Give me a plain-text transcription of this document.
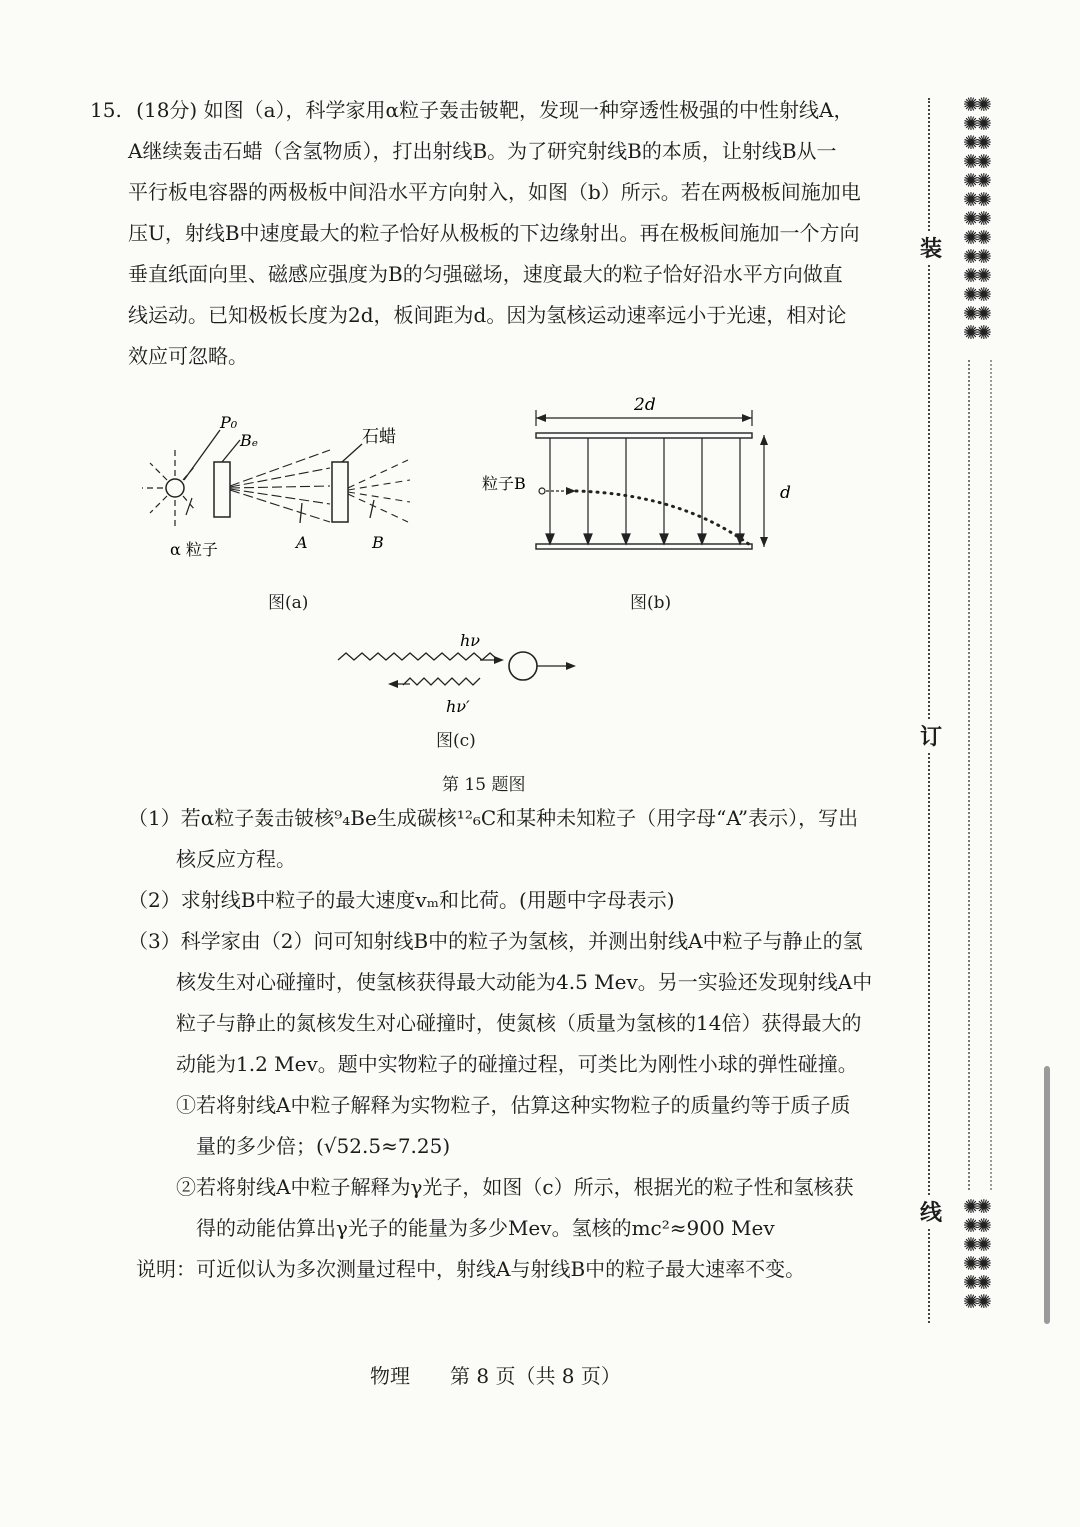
15. (18分) 如图（a），科学家用α粒子轰击铍靶，发现一种穿透性极强的中性射线A，
A继续轰击石蜡（含氢物质），打出射线B。为了研究射线B的本质，让射线B从一
平行板电容器的两极板中间沿水平方向射入，如图（b）所示。若在两极板间施加电
压U，射线B中速度最大的粒子恰好从极板的下边缘射出。再在极板间施加一个方向
垂直纸面向里、磁感应强度为B的匀强磁场，速度最大的粒子恰好沿水平方向做直
线运动。已知极板长度为2d，板间距为d。因为氢核运动速率远小于光速，相对论
效应可忽略。
P₀
Bₑ	石蜡
α 粒子	A	B
图(a)
2d
d
粒子B
图(b)
hν
hν′
图(c)
第 15 题图
（1）若α粒子轰击铍核⁹₄Be生成碳核¹²₆C和某种未知粒子（用字母“A”表示），写出
核反应方程。
（2）求射线B中粒子的最大速度vₘ和比荷。(用题中字母表示)
（3）科学家由（2）问可知射线B中的粒子为氢核，并测出射线A中粒子与静止的氢
核发生对心碰撞时，使氢核获得最大动能为4.5 Mev。另一实验还发现射线A中
粒子与静止的氮核发生对心碰撞时，使氮核（质量为氢核的14倍）获得最大的
动能为1.2 Mev。题中实物粒子的碰撞过程，可类比为刚性小球的弹性碰撞。
①若将射线A中粒子解释为实物粒子，估算这种实物粒子的质量约等于质子质
量的多少倍；(√52.5≈7.25)
②若将射线A中粒子解释为γ光子，如图（c）所示，根据光的粒子性和氢核获
得的动能估算出γ光子的能量为多少Mev。氢核的mc²≈900 Mev
说明：可近似认为多次测量过程中，射线A与射线B中的粒子最大速率不变。
物理　　第 8 页（共 8 页）
装
订
线
✺✺
✺✺
✺✺
✺✺
✺✺
✺✺
✺✺
✺✺
✺✺
✺✺
✺✺
✺✺
✺✺
✺✺
✺✺
✺✺
✺✺
✺✺
✺✺
